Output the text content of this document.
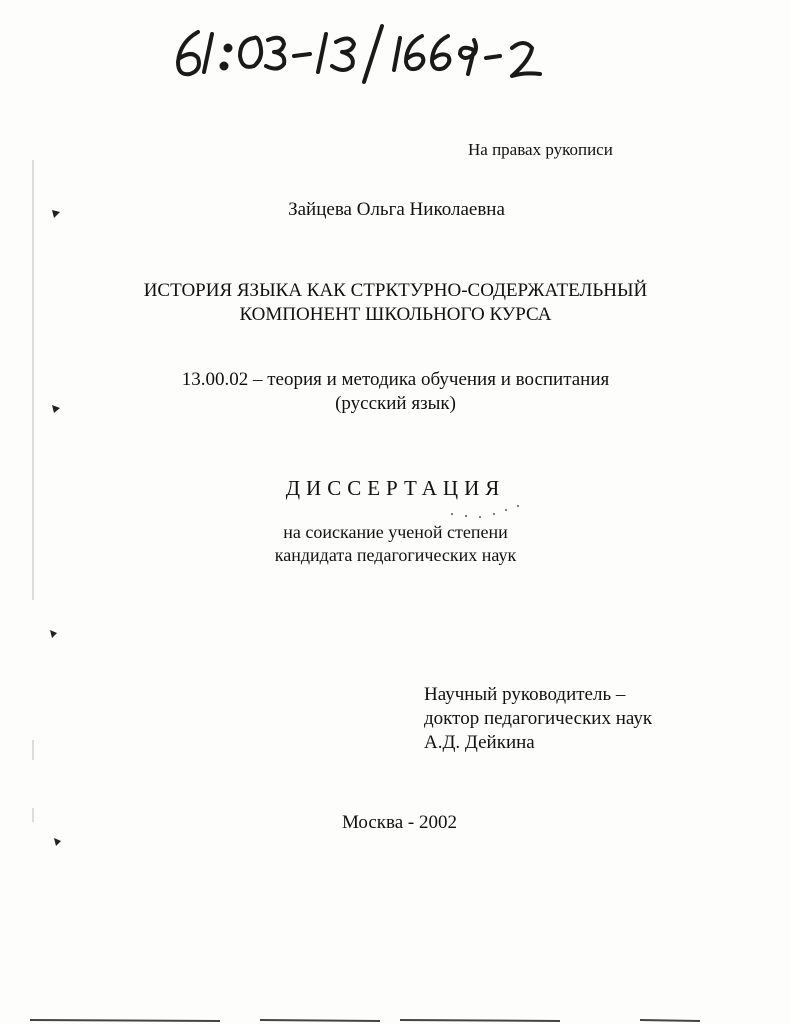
На правах рукописи
Зайцева Ольга Николаевна
ИСТОРИЯ ЯЗЫКА КАК СТРКТУРНО-СОДЕРЖАТЕЛЬНЫЙ
КОМПОНЕНТ ШКОЛЬНОГО КУРСА
13.00.02 – теория и методика обучения и воспитания
(русский язык)
ДИССЕРТАЦИЯ
на соискание ученой степени
кандидата педагогических наук
Научный руководитель –
доктор педагогических наук
А.Д. Дейкина
Москва - 2002
